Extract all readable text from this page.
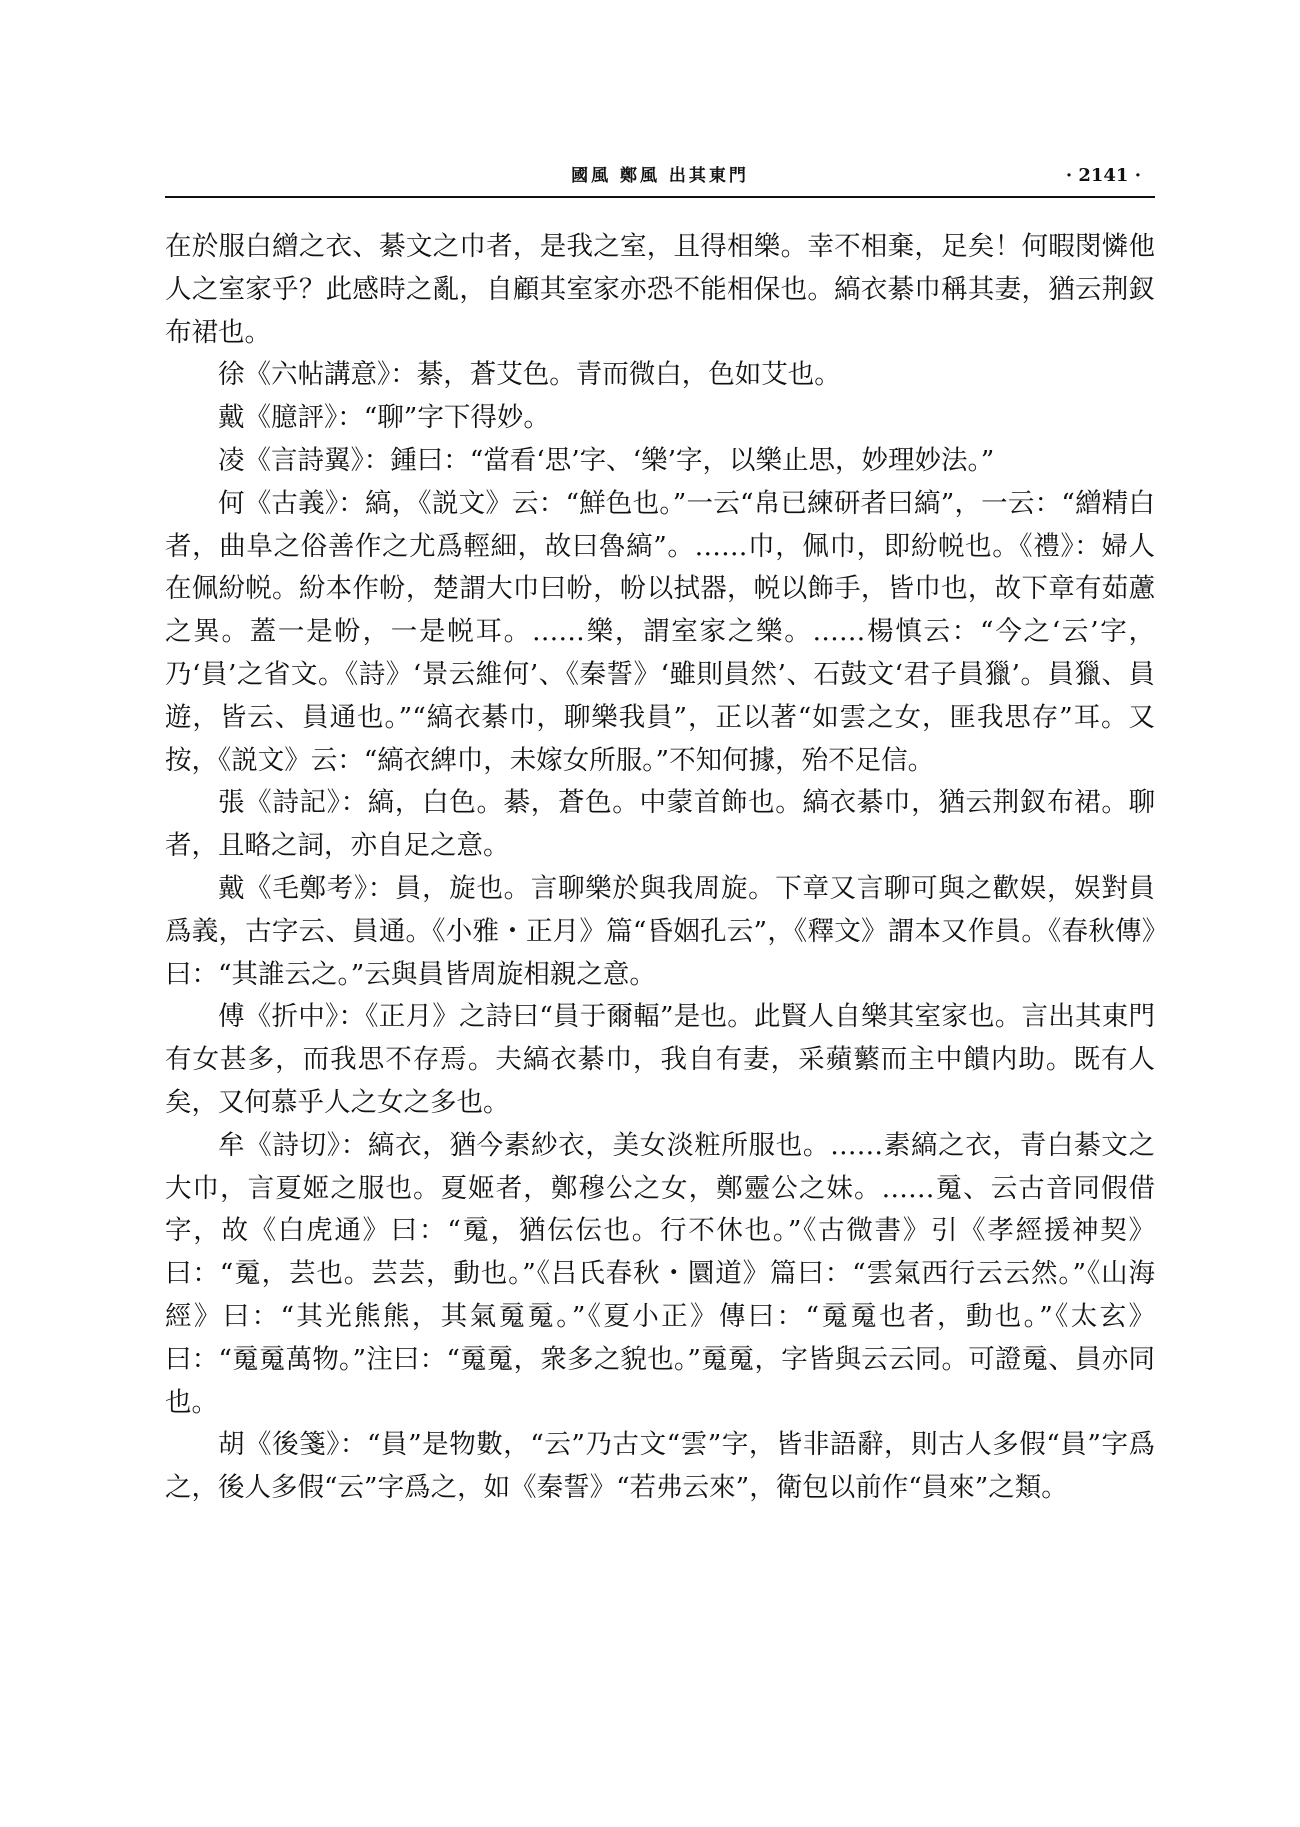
國風 鄭風 出其東門	· 2141 ·

在於服白繒之衣、綦文之巾者，是我之室，且得相樂。幸不相棄，足矣！何暇閔憐他人之室家乎？此感時之亂，自顧其室家亦恐不能相保也。縞衣綦巾稱其妻，猶云荆釵布裙也。

徐《六帖講意》：綦，蒼艾色。青而微白，色如艾也。

戴《臆評》：“聊”字下得妙。

凌《言詩翼》：鍾曰：“當看‘思’字、‘樂’字，以樂止思，妙理妙法。”

何《古義》：縞，《説文》云：“鮮色也。”一云“帛已練研者曰縞”，一云：“繒精白者，曲阜之俗善作之尤爲輕細，故曰魯縞”。……巾，佩巾，即紛帨也。《禮》：婦人在佩紛帨。紛本作帉，楚謂大巾曰帉，帉以拭器，帨以飾手，皆巾也，故下章有茹藘之異。蓋一是帉，一是帨耳。……樂，謂室家之樂。……楊慎云：“今之‘云’字，乃‘員’之省文。《詩》‘景云維何’、《秦誓》‘雖則員然’、石鼓文‘君子員獵’。員獵、員遊，皆云、員通也。”“縞衣綦巾，聊樂我員”，正以著“如雲之女，匪我思存”耳。又按，《説文》云：“縞衣綼巾，未嫁女所服。”不知何據，殆不足信。

張《詩記》：縞，白色。綦，蒼色。中蒙首飾也。縞衣綦巾，猶云荆釵布裙。聊者，且略之詞，亦自足之意。

戴《毛鄭考》：員，旋也。言聊樂於與我周旋。下章又言聊可與之歡娱，娱對員爲義，古字云、員通。《小雅・正月》篇“昏姻孔云”，《釋文》謂本又作員。《春秋傳》曰：“其誰云之。”云與員皆周旋相親之意。

傅《折中》：《正月》之詩曰“員于爾輻”是也。此賢人自樂其室家也。言出其東門有女甚多，而我思不存焉。夫縞衣綦巾，我自有妻，采蘋蘩而主中饋内助。既有人矣，又何慕乎人之女之多也。

牟《詩切》：縞衣，猶今素紗衣，美女淡粧所服也。……素縞之衣，青白綦文之大巾，言夏姬之服也。夏姬者，鄭穆公之女，鄭靈公之妹。……䰟、云古音同假借字，故《白虎通》曰：“䰟，猶伝伝也。行不休也。”《古微書》引《孝經援神契》曰：“䰟，芸也。芸芸，動也。”《吕氏春秋・圜道》篇曰：“雲氣西行云云然。”《山海經》曰：“其光熊熊，其氣䰟䰟。”《夏小正》傳曰：“䰟䰟也者，動也。”《太玄》曰：“䰟䰟萬物。”注曰：“䰟䰟，衆多之貌也。”䰟䰟，字皆與云云同。可證䰟、員亦同也。

胡《後箋》：“員”是物數，“云”乃古文“雲”字，皆非語辭，則古人多假“員”字爲之，後人多假“云”字爲之，如《秦誓》“若弗云來”，衛包以前作“員來”之類。
